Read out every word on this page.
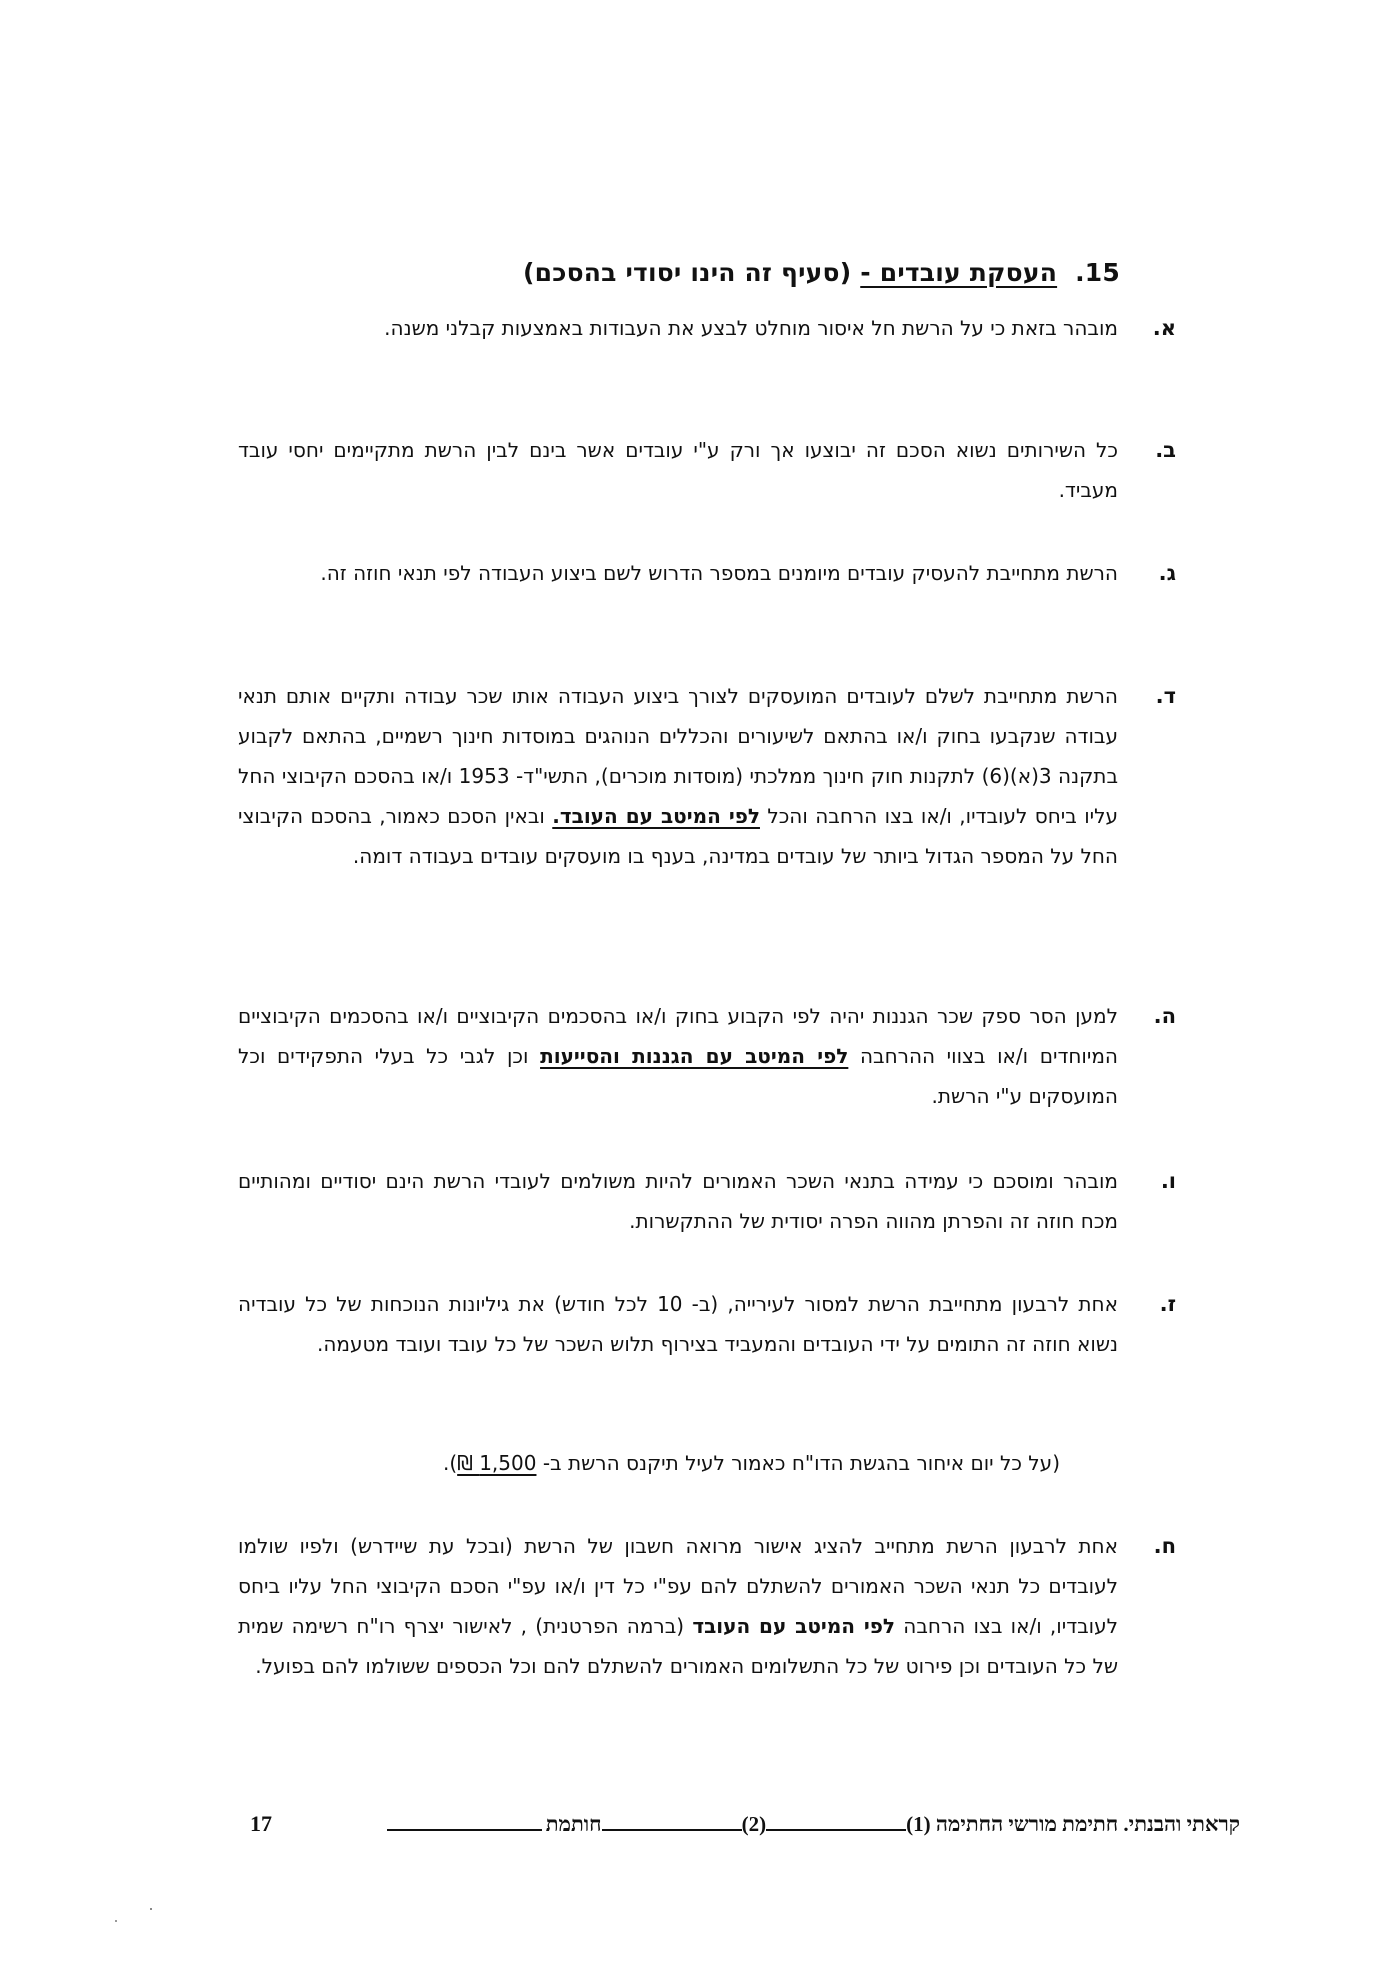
15.העסקת עובדים - (סעיף זה הינו יסודי בהסכם)
א.
מובהר בזאת כי על הרשת חל איסור מוחלט לבצע את העבודות באמצעות קבלני משנה.
ב.
כל השירותים נשוא הסכם זה יבוצעו אך ורק ע"י עובדים אשר בינם לבין הרשת מתקיימים יחסי עובד מעביד.
ג.
הרשת מתחייבת להעסיק עובדים מיומנים במספר הדרוש לשם ביצוע העבודה לפי תנאי חוזה זה.
ד.
הרשת מתחייבת לשלם לעובדים המועסקים לצורך ביצוע העבודה אותו שכר עבודה ותקיים אותם תנאי עבודה שנקבעו בחוק ו/או בהתאם לשיעורים והכללים הנוהגים במוסדות חינוך רשמיים, בהתאם לקבוע בתקנה 3(א)(6) לתקנות חוק חינוך ממלכתי (מוסדות מוכרים), התשי"ד- 1953 ו/או בהסכם הקיבוצי החל עליו ביחס לעובדיו, ו/או בצו הרחבה והכל לפי המיטב עם העובד. ובאין הסכם כאמור, בהסכם הקיבוצי החל על המספר הגדול ביותר של עובדים במדינה, בענף בו מועסקים עובדים בעבודה דומה.
ה.
למען הסר ספק שכר הגננות יהיה לפי הקבוע בחוק ו/או בהסכמים הקיבוציים ו/או בהסכמים הקיבוציים המיוחדים ו/או בצווי ההרחבה לפי המיטב עם הגננות והסייעות וכן לגבי כל בעלי התפקידים וכל המועסקים ע"י הרשת.
ו.
מובהר ומוסכם כי עמידה בתנאי השכר האמורים להיות משולמים לעובדי הרשת הינם יסודיים ומהותיים מכח חוזה זה והפרתן מהווה הפרה יסודית של ההתקשרות.
ז.
אחת לרבעון מתחייבת הרשת למסור לעירייה, (ב- 10 לכל חודש) את גיליונות הנוכחות של כל עובדיה נשוא חוזה זה התומים על ידי העובדים והמעביד בצירוף תלוש השכר של כל עובד ועובד מטעמה.
(על כל יום איחור בהגשת הדו"ח כאמור לעיל תיקנס הרשת ב- 1,500 ₪).
ח.
אחת לרבעון הרשת מתחייב להציג אישור מרואה חשבון של הרשת (ובכל עת שיידרש) ולפיו שולמו לעובדים כל תנאי השכר האמורים להשתלם להם עפ"י כל דין ו/או עפ"י הסכם הקיבוצי החל עליו ביחס לעובדיו, ו/או בצו הרחבה לפי המיטב עם העובד (ברמה הפרטנית) , לאישור יצרף רו"ח רשימה שמית של כל העובדים וכן פירוט של כל התשלומים האמורים להשתלם להם וכל הכספים ששולמו להם בפועל.
קראתי והבנתי. חתימת מורשי החתימה (1)(2)חותמת
17
